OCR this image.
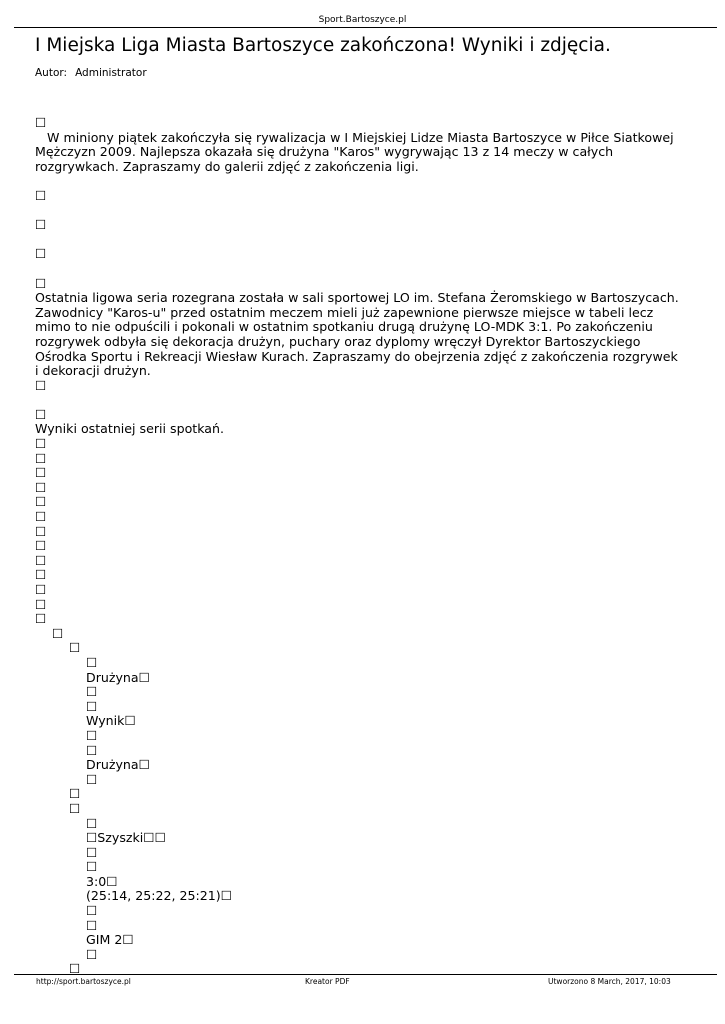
Sport.Bartoszyce.pl
I Miejska Liga Miasta Bartoszyce zakończona! Wyniki i zdjęcia.
Autor: Administrator
☐
W miniony piątek zakończyła się rywalizacja w I Miejskiej Lidze Miasta Bartoszyce w Piłce Siatkowej Mężczyzn 2009. Najlepsza okazała się drużyna "Karos" wygrywając 13 z 14 meczy w całych rozgrywkach. Zapraszamy do galerii zdjęć z zakończenia ligi.
☐
☐
☐
☐
Ostatnia ligowa seria rozegrana została w sali sportowej LO im. Stefana Żeromskiego w Bartoszycach. Zawodnicy "Karos-u" przed ostatnim meczem mieli już zapewnione pierwsze miejsce w tabeli lecz mimo to nie odpuścili i pokonali w ostatnim spotkaniu drugą drużynę LO-MDK 3:1. Po zakończeniu rozgrywek odbyła się dekoracja drużyn, puchary oraz dyplomy wręczył Dyrektor Bartoszyckiego Ośrodka Sportu i Rekreacji Wiesław Kurach. Zapraszamy do obejrzenia zdjęć z zakończenia rozgrywek i dekoracji drużyn.
☐
☐
Wyniki ostatniej serii spotkań.
☐
☐
☐
☐
☐
☐
☐
☐
☐
☐
☐
☐
☐
☐
☐
☐
Drużyna☐
☐
☐
Wynik☐
☐
☐
Drużyna☐
☐
☐
☐
☐
☐Szyszki☐☐
☐
☐
3:0☐
(25:14, 25:22, 25:21)☐
☐
☐
GIM 2☐
☐
☐
http://sport.bartoszyce.pl	Kreator PDF	Utworzono 8 March, 2017, 10:03
